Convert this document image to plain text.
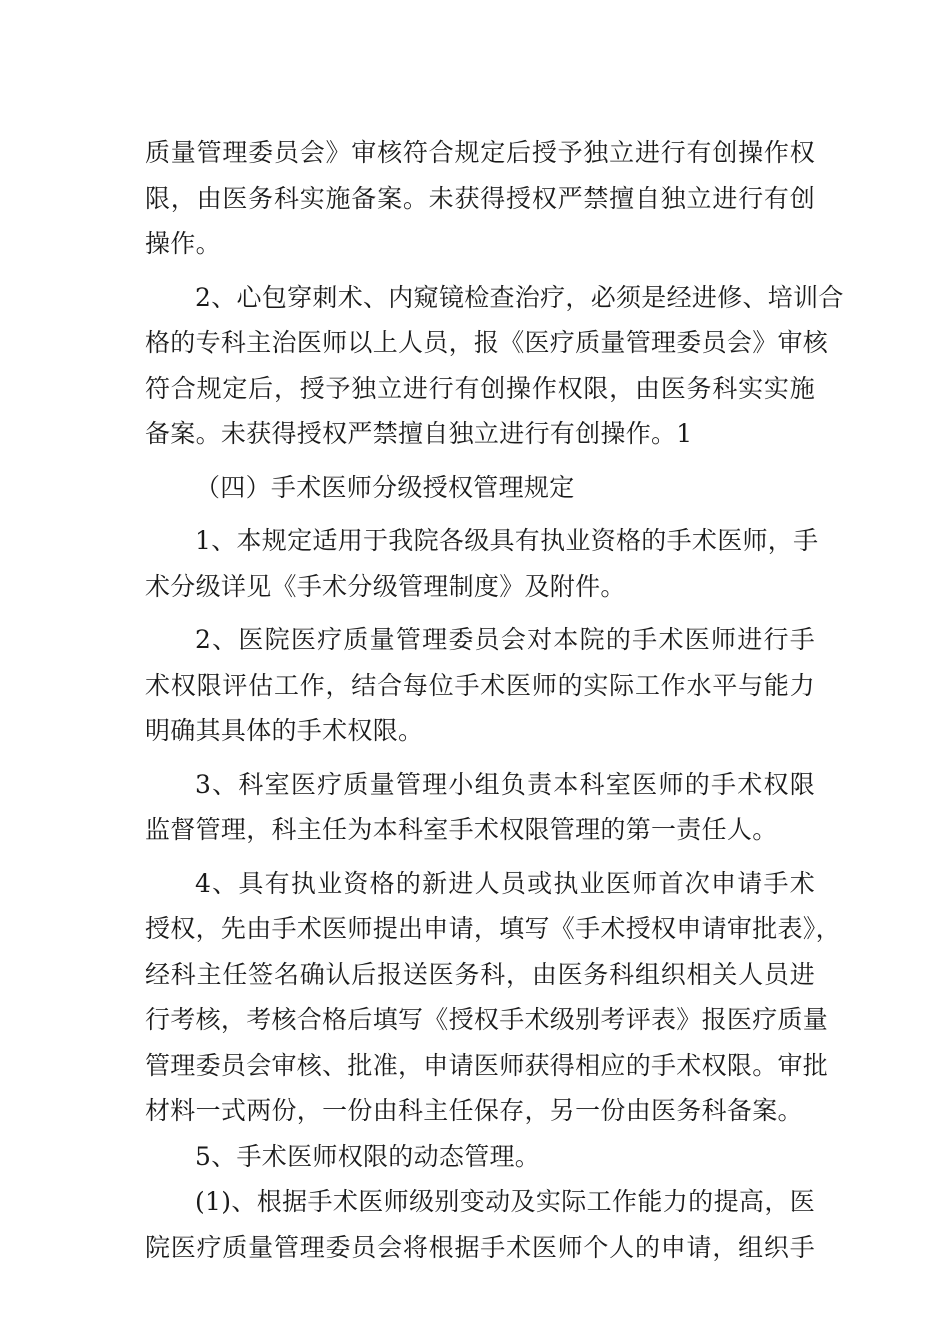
质量管理委员会》审核符合规定后授予独立进行有创操作权
限，由医务科实施备案。未获得授权严禁擅自独立进行有创
操作。
2、心包穿刺术、内窥镜检查治疗，必须是经进修、培训合
格的专科主治医师以上人员，报《医疗质量管理委员会》审核
符合规定后，授予独立进行有创操作权限，由医务科实实施
备案。未获得授权严禁擅自独立进行有创操作。1
（四）手术医师分级授权管理规定
1、本规定适用于我院各级具有执业资格的手术医师，手
术分级详见《手术分级管理制度》及附件。
2、医院医疗质量管理委员会对本院的手术医师进行手
术权限评估工作，结合每位手术医师的实际工作水平与能力
明确其具体的手术权限。
3、科室医疗质量管理小组负责本科室医师的手术权限
监督管理，科主任为本科室手术权限管理的第一责任人。
4、具有执业资格的新进人员或执业医师首次申请手术
授权，先由手术医师提出申请，填写《手术授权申请审批表》，
经科主任签名确认后报送医务科，由医务科组织相关人员进
行考核，考核合格后填写《授权手术级别考评表》报医疗质量
管理委员会审核、批准，申请医师获得相应的手术权限。审批
材料一式两份，一份由科主任保存，另一份由医务科备案。
5、手术医师权限的动态管理。
(1)、根据手术医师级别变动及实际工作能力的提高，医
院医疗质量管理委员会将根据手术医师个人的申请，组织手
